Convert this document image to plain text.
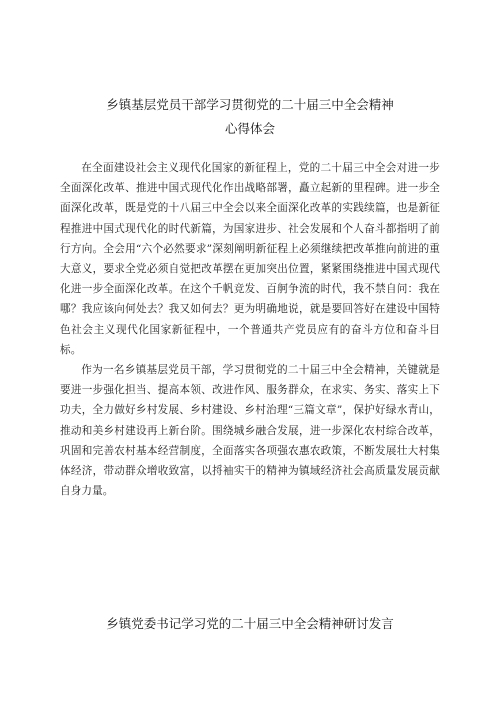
乡镇基层党员干部学习贯彻党的二十届三中全会精神
心得体会

在全面建设社会主义现代化国家的新征程上，党的二十届三中全会对进一步全面深化改革、推进中国式现代化作出战略部署，矗立起新的里程碑。进一步全面深化改革，既是党的十八届三中全会以来全面深化改革的实践续篇，也是新征程推进中国式现代化的时代新篇，为国家进步、社会发展和个人奋斗都指明了前行方向。全会用“六个必然要求”深刻阐明新征程上必须继续把改革推向前进的重大意义，要求全党必须自觉把改革摆在更加突出位置，紧紧围绕推进中国式现代化进一步全面深化改革。在这个千帆竞发、百舸争流的时代，我不禁自问：我在哪？我应该向何处去？我又如何去？更为明确地说，就是要回答好在建设中国特色社会主义现代化国家新征程中，一个普通共产党员应有的奋斗方位和奋斗目标。

作为一名乡镇基层党员干部，学习贯彻党的二十届三中全会精神，关键就是要进一步强化担当、提高本领、改进作风、服务群众，在求实、务实、落实上下功夫，全力做好乡村发展、乡村建设、乡村治理“三篇文章”，保护好绿水青山，推动和美乡村建设再上新台阶。围绕城乡融合发展，进一步深化农村综合改革，巩固和完善农村基本经营制度，全面落实各项强农惠农政策，不断发展壮大村集体经济，带动群众增收致富，以捋袖实干的精神为镇域经济社会高质量发展贡献自身力量。

乡镇党委书记学习党的二十届三中全会精神研讨发言
